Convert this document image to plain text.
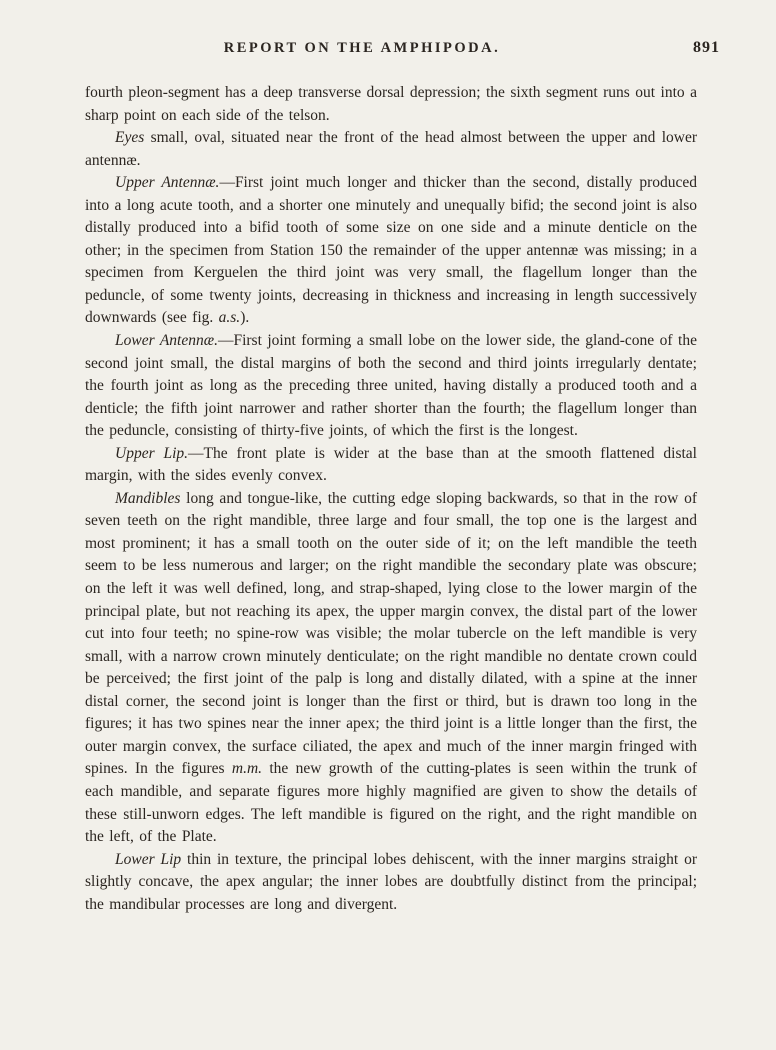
REPORT ON THE AMPHIPODA.	891

fourth pleon-segment has a deep transverse dorsal depression; the sixth segment runs out into a sharp point on each side of the telson.

Eyes small, oval, situated near the front of the head almost between the upper and lower antennæ.

Upper Antennæ.—First joint much longer and thicker than the second, distally produced into a long acute tooth, and a shorter one minutely and unequally bifid; the second joint is also distally produced into a bifid tooth of some size on one side and a minute denticle on the other; in the specimen from Station 150 the remainder of the upper antennæ was missing; in a specimen from Kerguelen the third joint was very small, the flagellum longer than the peduncle, of some twenty joints, decreasing in thickness and increasing in length successively downwards (see fig. a.s.).

Lower Antennæ.—First joint forming a small lobe on the lower side, the gland-cone of the second joint small, the distal margins of both the second and third joints irregularly dentate; the fourth joint as long as the preceding three united, having distally a produced tooth and a denticle; the fifth joint narrower and rather shorter than the fourth; the flagellum longer than the peduncle, consisting of thirty-five joints, of which the first is the longest.

Upper Lip.—The front plate is wider at the base than at the smooth flattened distal margin, with the sides evenly convex.

Mandibles long and tongue-like, the cutting edge sloping backwards, so that in the row of seven teeth on the right mandible, three large and four small, the top one is the largest and most prominent; it has a small tooth on the outer side of it; on the left mandible the teeth seem to be less numerous and larger; on the right mandible the secondary plate was obscure; on the left it was well defined, long, and strap-shaped, lying close to the lower margin of the principal plate, but not reaching its apex, the upper margin convex, the distal part of the lower cut into four teeth; no spine-row was visible; the molar tubercle on the left mandible is very small, with a narrow crown minutely denticulate; on the right mandible no dentate crown could be perceived; the first joint of the palp is long and distally dilated, with a spine at the inner distal corner, the second joint is longer than the first or third, but is drawn too long in the figures; it has two spines near the inner apex; the third joint is a little longer than the first, the outer margin convex, the surface ciliated, the apex and much of the inner margin fringed with spines. In the figures m.m. the new growth of the cutting-plates is seen within the trunk of each mandible, and separate figures more highly magnified are given to show the details of these still-unworn edges. The left mandible is figured on the right, and the right mandible on the left, of the Plate.

Lower Lip thin in texture, the principal lobes dehiscent, with the inner margins straight or slightly concave, the apex angular; the inner lobes are doubtfully distinct from the principal; the mandibular processes are long and divergent.
